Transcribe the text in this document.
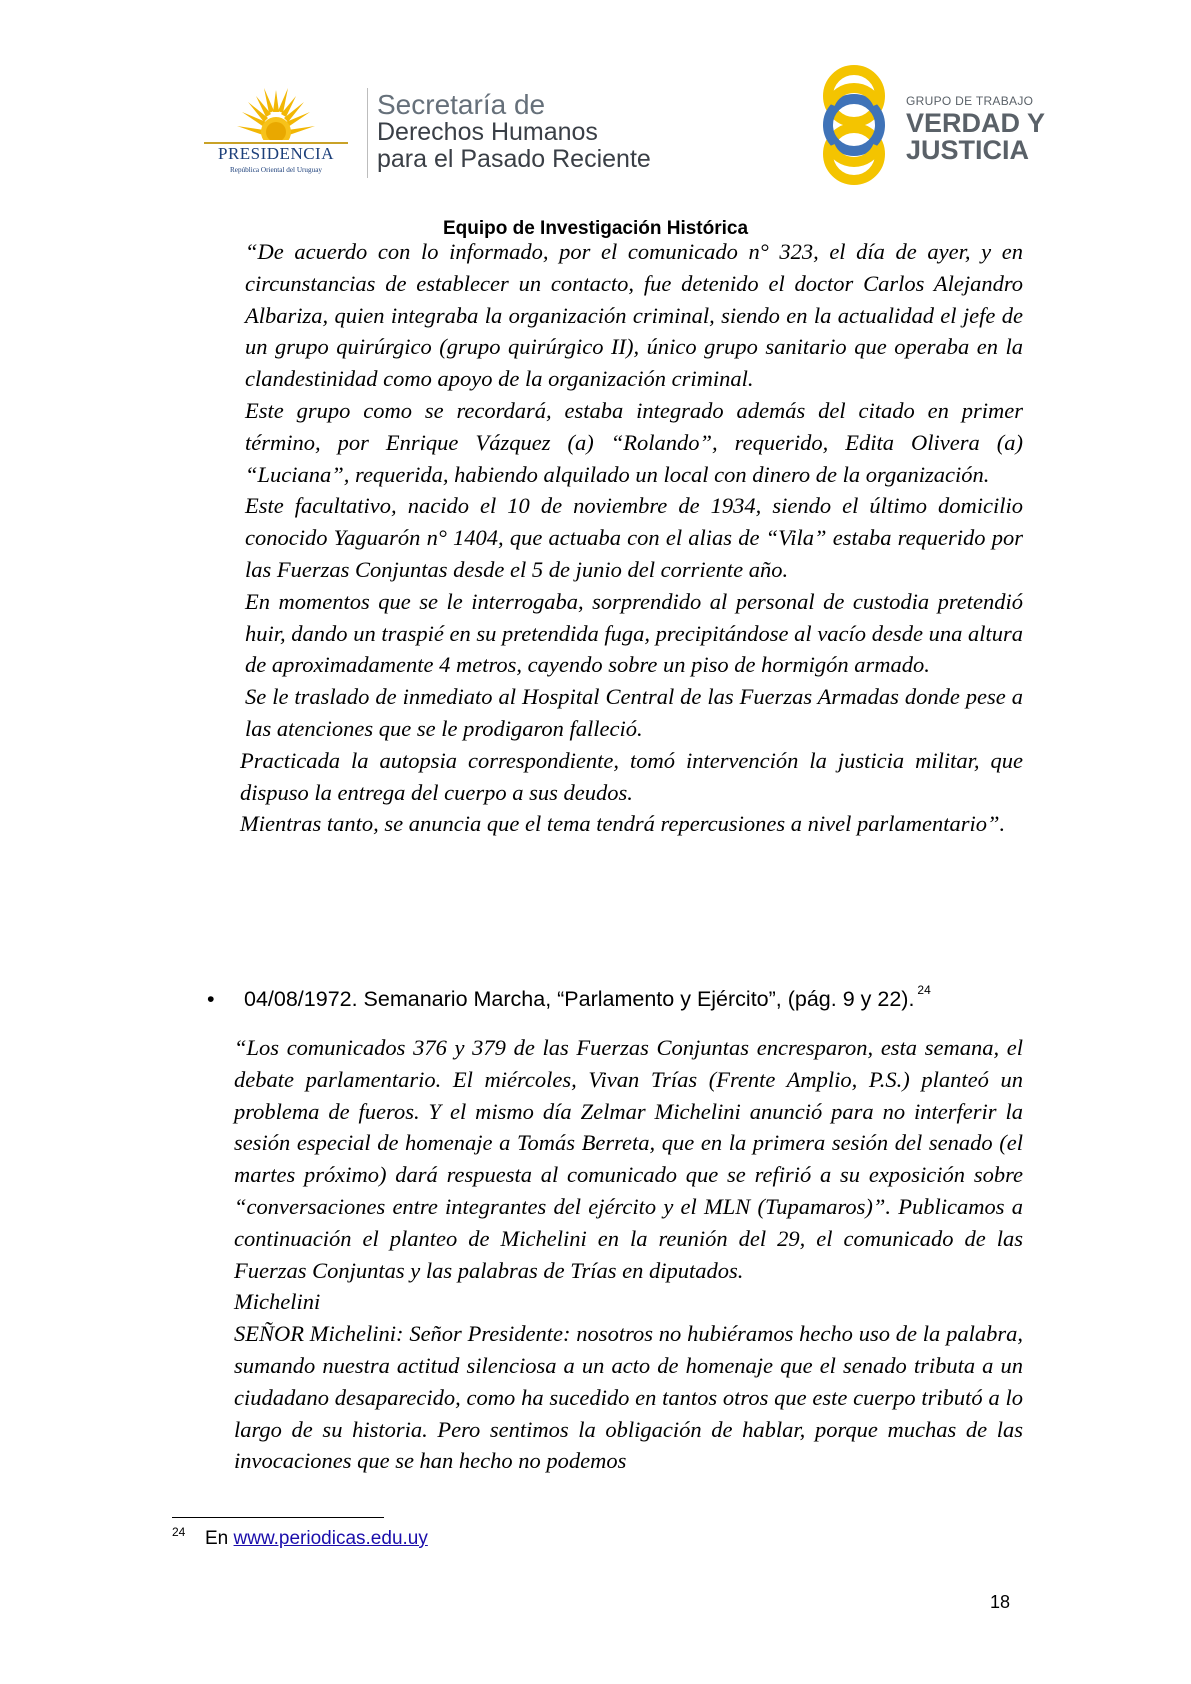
PRESIDENCIA
República Oriental del Uruguay
Secretaría de
Derechos Humanos
para el Pasado Reciente
GRUPO DE TRABAJO
VERDAD Y
JUSTICIA
Equipo de Investigación Histórica

“De acuerdo con lo informado, por el comunicado n° 323, el día de ayer, y en circunstancias de establecer un contacto, fue detenido el doctor Carlos Alejandro Albariza, quien integraba la organización criminal, siendo en la actualidad el jefe de un grupo quirúrgico (grupo quirúrgico II), único grupo sanitario que operaba en la clandestinidad como apoyo de la organización criminal.

Este grupo como se recordará, estaba integrado además del citado en primer término, por Enrique Vázquez (a) “Rolando”, requerido, Edita Olivera (a) “Luciana”, requerida, habiendo alquilado un local con dinero de la organización.

Este facultativo, nacido el 10 de noviembre de 1934, siendo el último domicilio conocido Yaguarón n° 1404, que actuaba con el alias de “Vila” estaba requerido por las Fuerzas Conjuntas desde el 5 de junio del corriente año.

En momentos que se le interrogaba, sorprendido al personal de custodia pretendió huir, dando un traspié en su pretendida fuga, precipitándose al vacío desde una altura de aproximadamente 4 metros, cayendo sobre un piso de hormigón armado.

Se le traslado de inmediato al Hospital Central de las Fuerzas Armadas donde pese a las atenciones que se le prodigaron falleció.

Practicada la autopsia correspondiente, tomó intervención la justicia militar, que dispuso la entrega del cuerpo a sus deudos.

Mientras tanto, se anuncia que el tema tendrá repercusiones a nivel parlamentario”.

• 04/08/1972. Semanario Marcha, “Parlamento y Ejército”, (pág. 9 y 22). $^{24}$

“Los comunicados 376 y 379 de las Fuerzas Conjuntas encresparon, esta semana, el debate parlamentario. El miércoles, Vivan Trías (Frente Amplio, P.S.) planteó un problema de fueros. Y el mismo día Zelmar Michelini anunció para no interferir la sesión especial de homenaje a Tomás Berreta, que en la primera sesión del senado (el martes próximo) dará respuesta al comunicado que se refirió a su exposición sobre “conversaciones entre integrantes del ejército y el MLN (Tupamaros)”. Publicamos a continuación el planteo de Michelini en la reunión del 29, el comunicado de las Fuerzas Conjuntas y las palabras de Trías en diputados.

Michelini

SEÑOR Michelini: Señor Presidente: nosotros no hubiéramos hecho uso de la palabra, sumando nuestra actitud silenciosa a un acto de homenaje que el senado tributa a un ciudadano desaparecido, como ha sucedido en tantos otros que este cuerpo tributó a lo largo de su historia. Pero sentimos la obligación de hablar, porque muchas de las invocaciones que se han hecho no podemos

24 En www.periodicas.edu.uy
18
